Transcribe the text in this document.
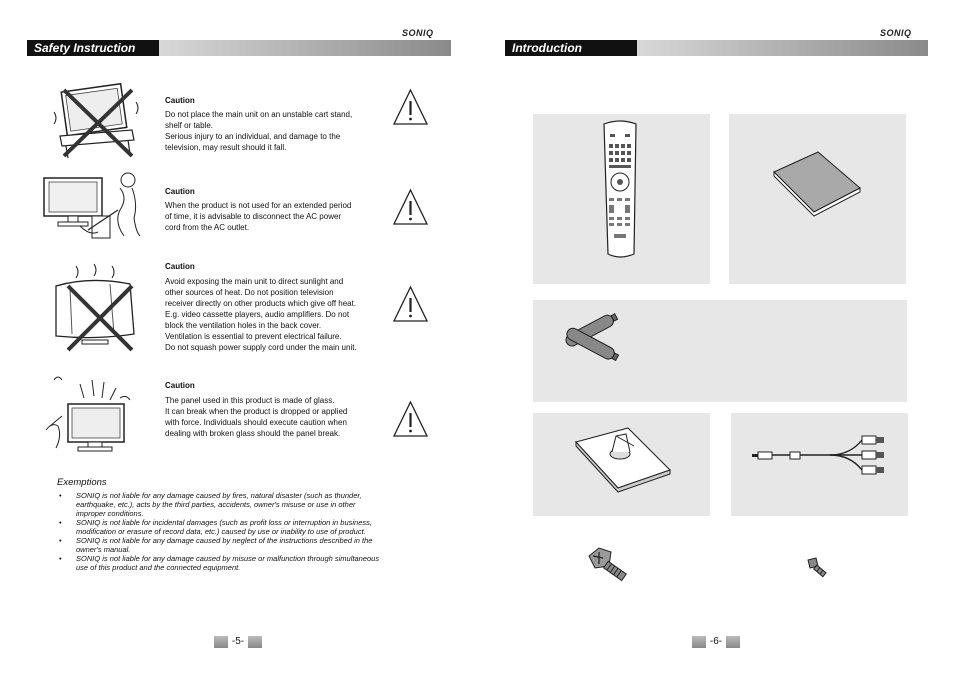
SONIQ
Safety Instruction
Caution
Do not place the main unit on an unstable cart stand,
shelf or table.
Serious injury to an individual, and damage to the
television, may result should it fall.
Caution
When the product is not used for an extended period
of time, it is advisable to disconnect the AC power
cord from the AC outlet.
Caution
Avoid exposing the main unit to direct sunlight and
other sources of heat. Do not position television
receiver directly on other products which give off heat.
E.g. video cassette players, audio amplifiers. Do not
block the ventilation holes in the back cover.
Ventilation is essential to prevent electrical failure.
Do not squash power supply cord under the main unit.
Caution
The panel used in this product is made of glass.
It can break when the product is dropped or applied
with force. Individuals should execute caution when
dealing with broken glass should the panel break.
Exemptions
• SONIQ is not liable for any damage caused by fires, natural disaster (such as thunder,
earthquake, etc.), acts by the third parties, accidents, owner's misuse or use in other
improper conditions.
• SONIQ is not liable for incidental damages (such as profit loss or interruption in business,
modification or erasure of record data, etc.) caused by use or inability to use of product.
• SONIQ is not liable for any damage caused by neglect of the instructions described in the
owner's manual.
• SONIQ is not liable for any damage caused by misuse or malfunction through simultaneous
use of this product and the connected equipment.
-5-
SONIQ
Introduction
-6-
